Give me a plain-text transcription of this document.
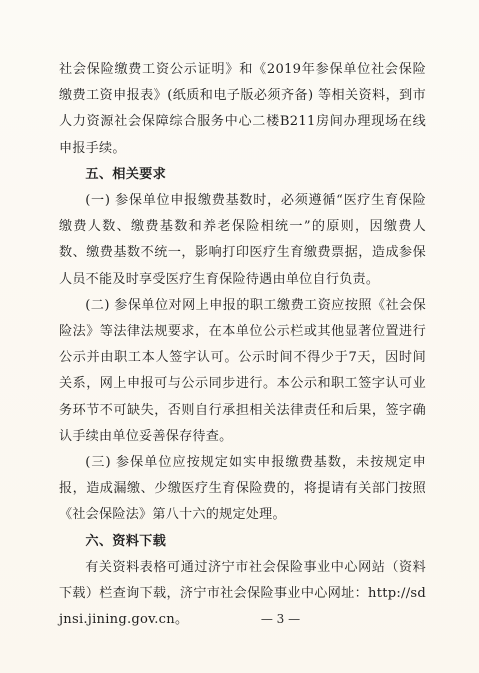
社会保险缴费工资公示证明》和《2019年参保单位社会保险缴费工资申报表》(纸质和电子版必须齐备) 等相关资料，到市人力资源社会保障综合服务中心二楼B211房间办理现场在线申报手续。

五、相关要求

(一) 参保单位申报缴费基数时，必须遵循“医疗生育保险缴费人数、缴费基数和养老保险相统一”的原则，因缴费人数、缴费基数不统一，影响打印医疗生育缴费票据，造成参保人员不能及时享受医疗生育保险待遇由单位自行负责。

(二) 参保单位对网上申报的职工缴费工资应按照《社会保险法》等法律法规要求，在本单位公示栏或其他显著位置进行公示并由职工本人签字认可。公示时间不得少于7天，因时间关系，网上申报可与公示同步进行。本公示和职工签字认可业务环节不可缺失，否则自行承担相关法律责任和后果，签字确认手续由单位妥善保存待查。

(三) 参保单位应按规定如实申报缴费基数，未按规定申报，造成漏缴、少缴医疗生育保险费的，将提请有关部门按照《社会保险法》第八十六的规定处理。

六、资料下载

有关资料表格可通过济宁市社会保险事业中心网站（资料下载）栏查询下载，济宁市社会保险事业中心网址：http://sdjnsi.jining.gov.cn。	— 3 —
